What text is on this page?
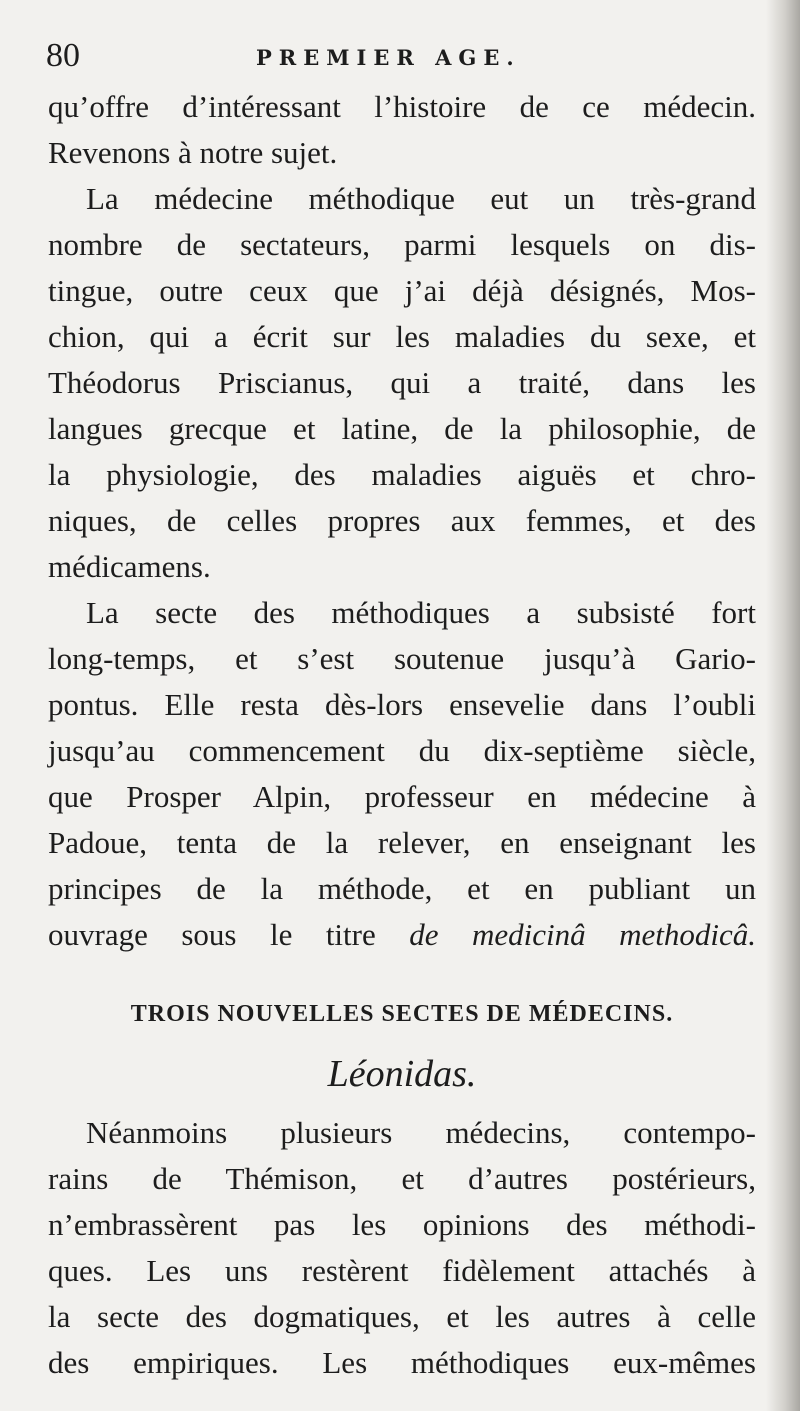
80	PREMIER AGE.
qu’offre d’intéressant l’histoire de ce médecin.
Revenons à notre sujet.
La médecine méthodique eut un très-grand
nombre de sectateurs, parmi lesquels on dis-
tingue, outre ceux que j’ai déjà désignés, Mos-
chion, qui a écrit sur les maladies du sexe, et
Théodorus Priscianus, qui a traité, dans les
langues grecque et latine, de la philosophie, de
la physiologie, des maladies aiguës et chro-
niques, de celles propres aux femmes, et des
médicamens.
La secte des méthodiques a subsisté fort
long-temps, et s’est soutenue jusqu’à Gario-
pontus. Elle resta dès-lors ensevelie dans l’oubli
jusqu’au commencement du dix-septième siècle,
que Prosper Alpin, professeur en médecine à
Padoue, tenta de la relever, en enseignant les
principes de la méthode, et en publiant un
ouvrage sous le titre de medicinâ methodicâ.
TROIS NOUVELLES SECTES DE MÉDECINS.
Léonidas.
Néanmoins plusieurs médecins, contempo-
rains de Thémison, et d’autres postérieurs,
n’embrassèrent pas les opinions des méthodi-
ques. Les uns restèrent fidèlement attachés à
la secte des dogmatiques, et les autres à celle
des empiriques. Les méthodiques eux-mêmes
